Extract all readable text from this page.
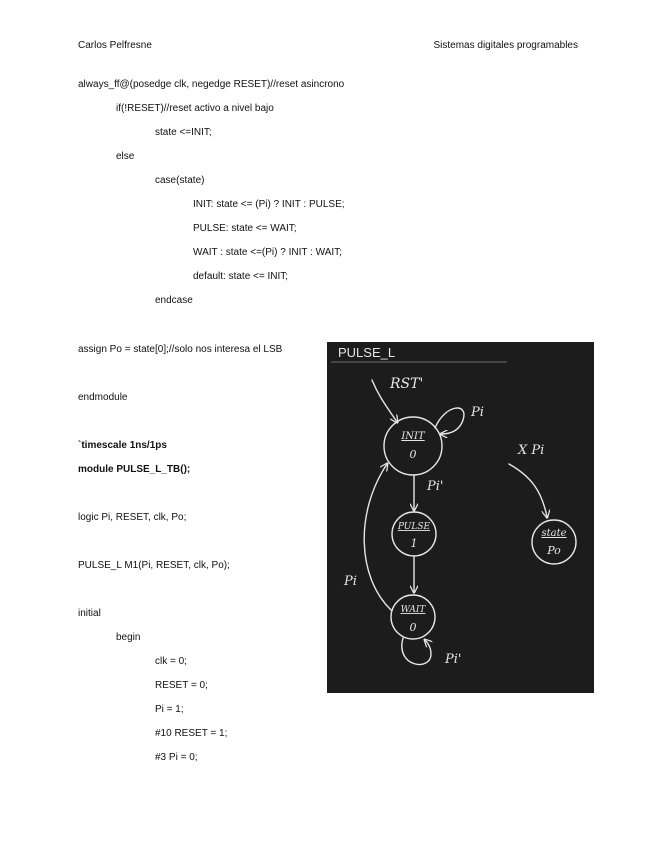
Carlos Pelfresne	Sistemas digitales programables
always_ff@(posedge clk, negedge RESET)//reset asincrono
if(!RESET)//reset activo a nivel bajo
state <=INIT;
else
case(state)
INIT: state <= (Pi) ? INIT : PULSE;
PULSE: state <= WAIT;
WAIT : state <=(Pi) ? INIT : WAIT;
default: state <= INIT;
endcase
assign Po = state[0];//solo nos interesa el LSB
endmodule
`timescale 1ns/1ps
module PULSE_L_TB();
logic Pi, RESET, clk, Po;
PULSE_L M1(Pi, RESET, clk, Po);
initial
begin
clk = 0;
RESET = 0;
Pi = 1;
#10 RESET = 1;
#3 Pi = 0;
PULSE_L
RST'
INIT
0
Pi
Pi'
PULSE
1
WAIT
0
Pi'
Pi
X Pi
state
Po
